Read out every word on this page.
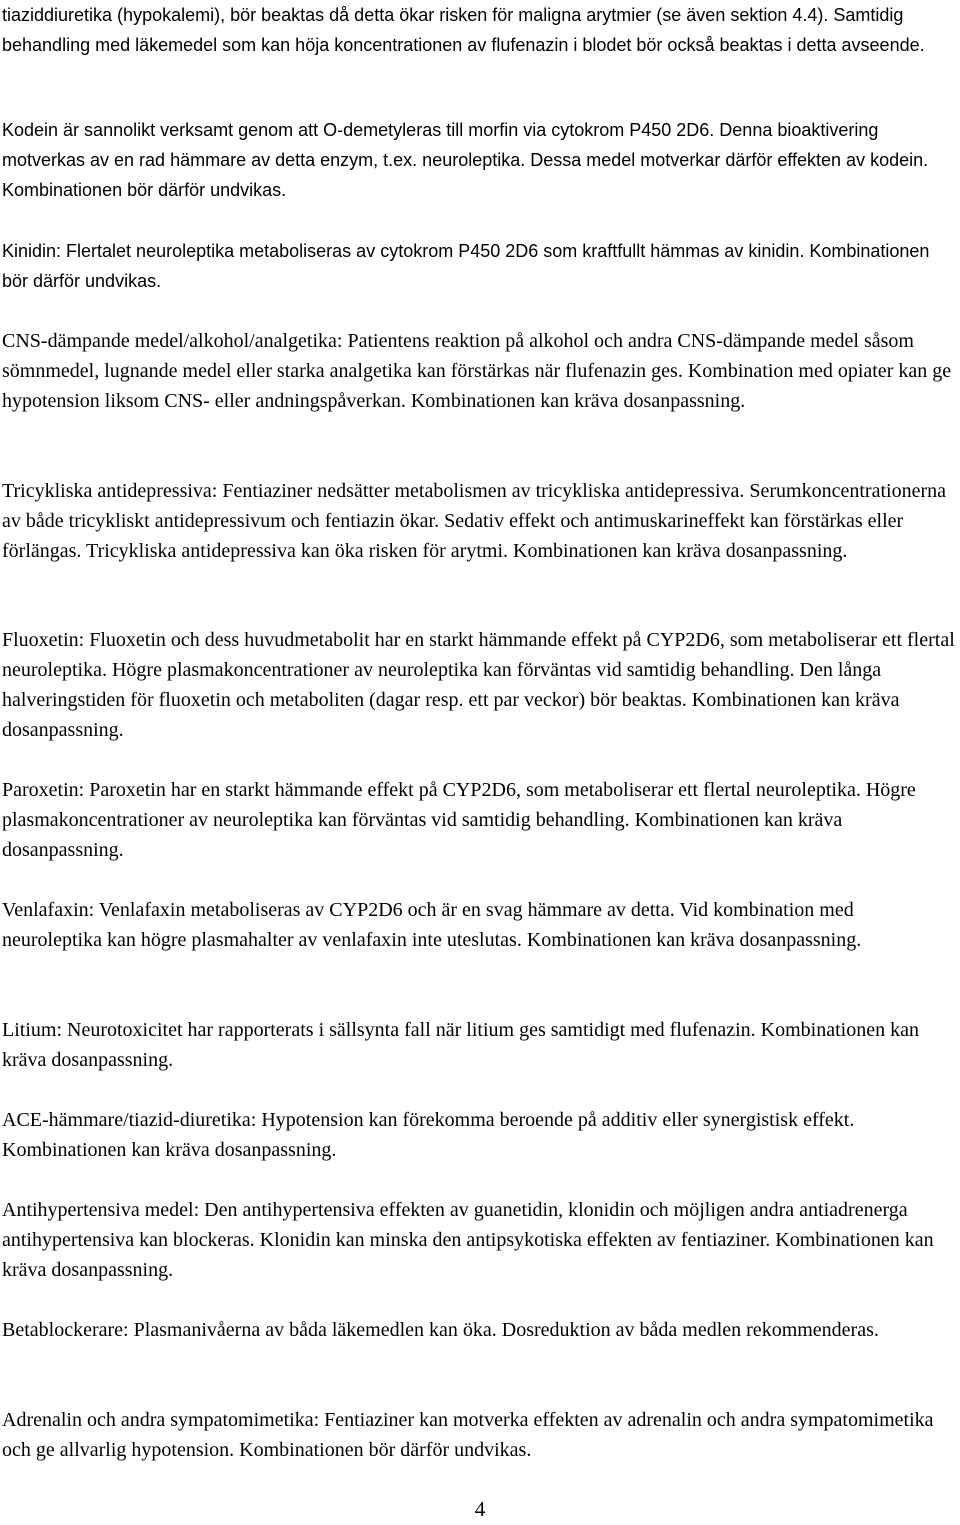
tiaziddiuretika (hypokalemi), bör beaktas då detta ökar risken för maligna arytmier (se även sektion 4.4). Samtidig behandling med läkemedel som kan höja koncentrationen av flufenazin i blodet bör också beaktas i detta avseende.

Kodein är sannolikt verksamt genom att O-demetyleras till morfin via cytokrom P450 2D6. Denna bioaktivering motverkas av en rad hämmare av detta enzym, t.ex. neuroleptika. Dessa medel motverkar därför effekten av kodein. Kombinationen bör därför undvikas.

Kinidin: Flertalet neuroleptika metaboliseras av cytokrom P450 2D6 som kraftfullt hämmas av kinidin. Kombinationen bör därför undvikas.

CNS-dämpande medel/alkohol/analgetika: Patientens reaktion på alkohol och andra CNS-dämpande medel såsom sömnmedel, lugnande medel eller starka analgetika kan förstärkas när flufenazin ges. Kombination med opiater kan ge hypotension liksom CNS- eller andningspåverkan. Kombinationen kan kräva dosanpassning.

Tricykliska antidepressiva: Fentiaziner nedsätter metabolismen av tricykliska antidepressiva. Serumkoncentrationerna av både tricykliskt antidepressivum och fentiazin ökar. Sedativ effekt och antimuskarineffekt kan förstärkas eller förlängas. Tricykliska antidepressiva kan öka risken för arytmi. Kombinationen kan kräva dosanpassning.

Fluoxetin: Fluoxetin och dess huvudmetabolit har en starkt hämmande effekt på CYP2D6, som metaboliserar ett flertal neuroleptika. Högre plasmakoncentrationer av neuroleptika kan förväntas vid samtidig behandling. Den långa halveringstiden för fluoxetin och metaboliten (dagar resp. ett par veckor) bör beaktas. Kombinationen kan kräva dosanpassning.

Paroxetin: Paroxetin har en starkt hämmande effekt på CYP2D6, som metaboliserar ett flertal neuroleptika. Högre plasmakoncentrationer av neuroleptika kan förväntas vid samtidig behandling. Kombinationen kan kräva dosanpassning.

Venlafaxin: Venlafaxin metaboliseras av CYP2D6 och är en svag hämmare av detta. Vid kombination med neuroleptika kan högre plasmahalter av venlafaxin inte uteslutas. Kombinationen kan kräva dosanpassning.

Litium: Neurotoxicitet har rapporterats i sällsynta fall när litium ges samtidigt med flufenazin. Kombinationen kan kräva dosanpassning.

ACE-hämmare/tiazid-diuretika: Hypotension kan förekomma beroende på additiv eller synergistisk effekt. Kombinationen kan kräva dosanpassning.

Antihypertensiva medel: Den antihypertensiva effekten av guanetidin, klonidin och möjligen andra antiadrenerga antihypertensiva kan blockeras. Klonidin kan minska den antipsykotiska effekten av fentiaziner. Kombinationen kan kräva dosanpassning.

Betablockerare: Plasmanivåerna av båda läkemedlen kan öka. Dosreduktion av båda medlen rekommenderas.

Adrenalin och andra sympatomimetika: Fentiaziner kan motverka effekten av adrenalin och andra sympatomimetika och ge allvarlig hypotension. Kombinationen bör därför undvikas.

4
